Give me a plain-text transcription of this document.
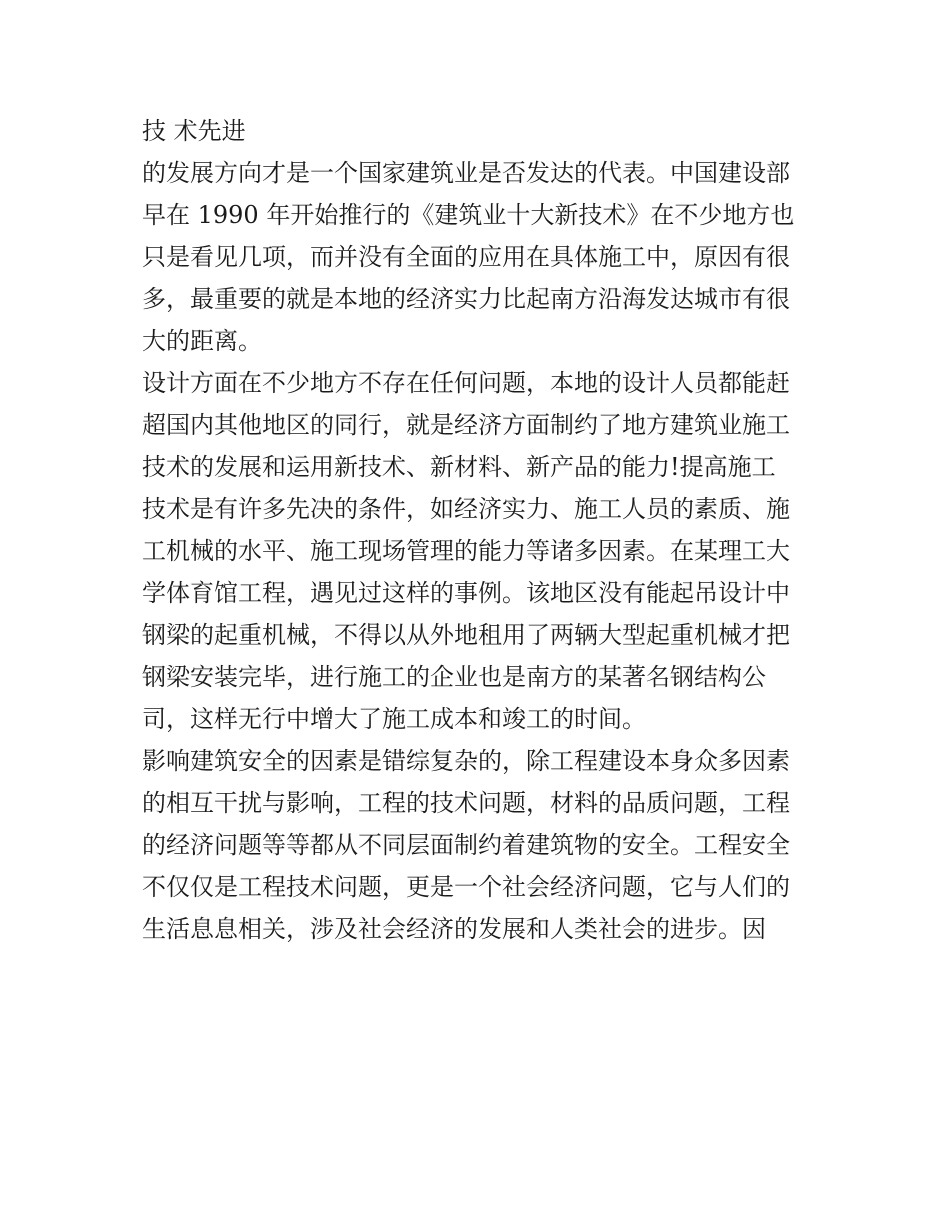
技 术先进
的发展方向才是一个国家建筑业是否发达的代表。中国建设部
早在 1990 年开始推行的《建筑业十大新技术》在不少地方也
只是看见几项，而并没有全面的应用在具体施工中，原因有很
多，最重要的就是本地的经济实力比起南方沿海发达城市有很
大的距离。
设计方面在不少地方不存在任何问题，本地的设计人员都能赶
超国内其他地区的同行，就是经济方面制约了地方建筑业施工
技术的发展和运用新技术、新材料、新产品的能力!提高施工
技术是有许多先决的条件，如经济实力、施工人员的素质、施
工机械的水平、施工现场管理的能力等诸多因素。在某理工大
学体育馆工程，遇见过这样的事例。该地区没有能起吊设计中
钢梁的起重机械，不得以从外地租用了两辆大型起重机械才把
钢梁安装完毕，进行施工的企业也是南方的某著名钢结构公
司，这样无行中增大了施工成本和竣工的时间。
影响建筑安全的因素是错综复杂的，除工程建设本身众多因素
的相互干扰与影响，工程的技术问题，材料的品质问题，工程
的经济问题等等都从不同层面制约着建筑物的安全。工程安全
不仅仅是工程技术问题，更是一个社会经济问题，它与人们的
生活息息相关，涉及社会经济的发展和人类社会的进步。因
